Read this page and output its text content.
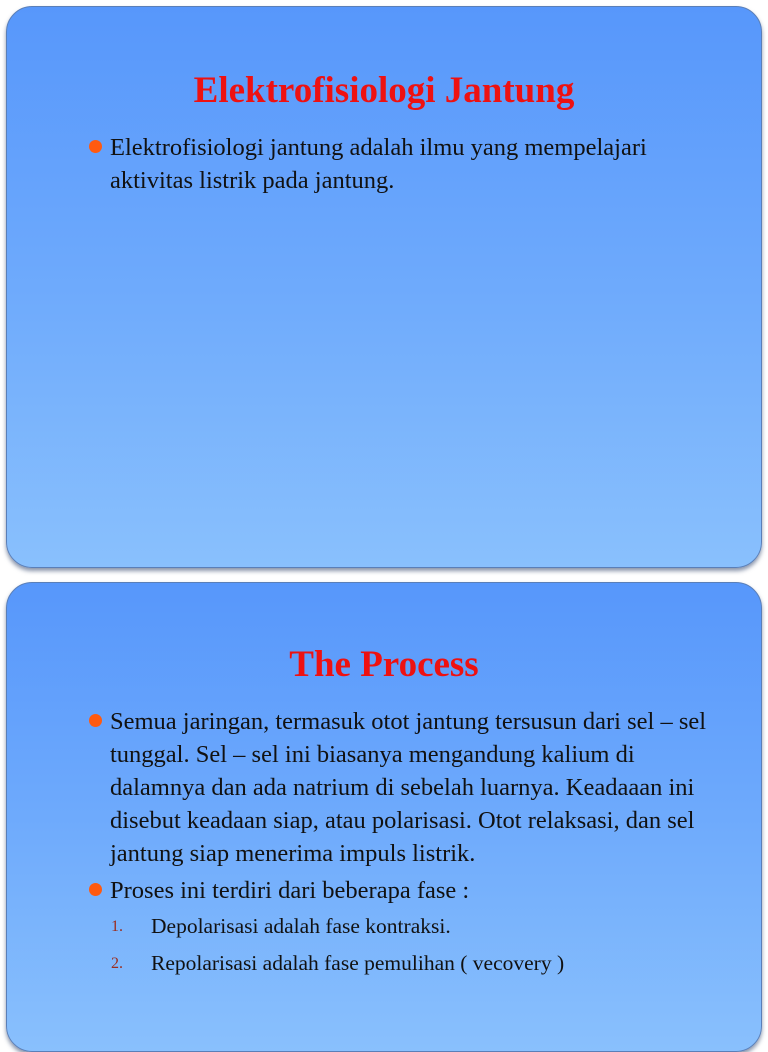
Elektrofisiologi Jantung
Elektrofisiologi jantung adalah ilmu yang mempelajari aktivitas listrik pada jantung.
The Process
Semua jaringan, termasuk otot jantung tersusun dari sel – sel tunggal. Sel – sel ini biasanya mengandung kalium di dalamnya dan ada natrium di sebelah luarnya. Keadaaan ini disebut keadaan siap, atau polarisasi. Otot relaksasi, dan sel jantung siap menerima impuls listrik.
Proses ini terdiri dari beberapa fase :
1. Depolarisasi adalah fase kontraksi.
2. Repolarisasi adalah fase pemulihan ( vecovery )
